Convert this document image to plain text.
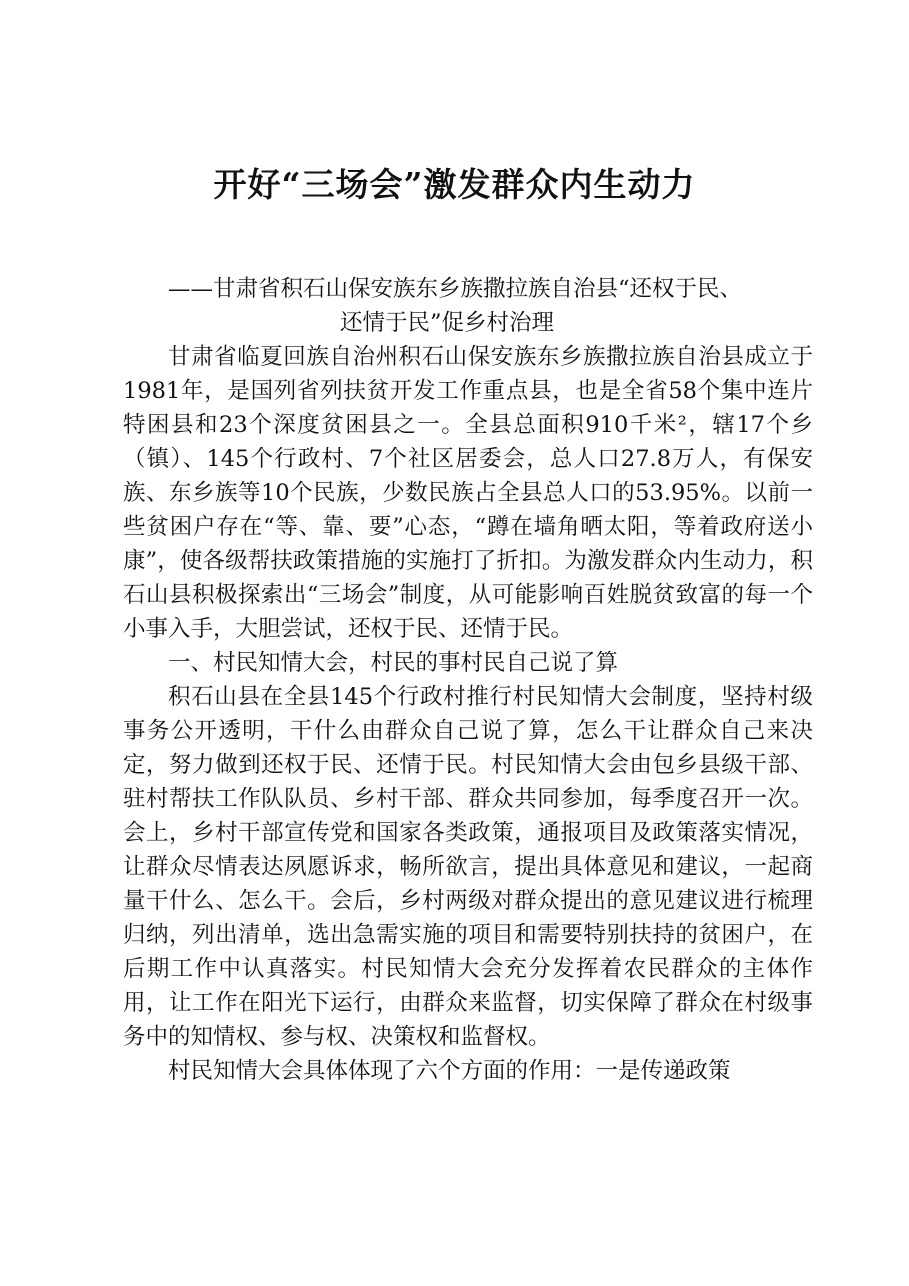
开好“三场会”激发群众内生动力

——甘肃省积石山保安族东乡族撒拉族自治县“还权于民、
还情于民”促乡村治理

甘肃省临夏回族自治州积石山保安族东乡族撒拉族自治县成立于1981年，是国列省列扶贫开发工作重点县，也是全省58个集中连片特困县和23个深度贫困县之一。全县总面积910千米²，辖17个乡（镇）、145个行政村、7个社区居委会，总人口27.8万人，有保安族、东乡族等10个民族，少数民族占全县总人口的53.95%。以前一些贫困户存在“等、靠、要”心态，“蹲在墙角晒太阳，等着政府送小康”，使各级帮扶政策措施的实施打了折扣。为激发群众内生动力，积石山县积极探索出“三场会”制度，从可能影响百姓脱贫致富的每一个小事入手，大胆尝试，还权于民、还情于民。

一、村民知情大会，村民的事村民自己说了算

积石山县在全县145个行政村推行村民知情大会制度，坚持村级事务公开透明，干什么由群众自己说了算，怎么干让群众自己来决定，努力做到还权于民、还情于民。村民知情大会由包乡县级干部、驻村帮扶工作队队员、乡村干部、群众共同参加，每季度召开一次。会上，乡村干部宣传党和国家各类政策，通报项目及政策落实情况，让群众尽情表达夙愿诉求，畅所欲言，提出具体意见和建议，一起商量干什么、怎么干。会后，乡村两级对群众提出的意见建议进行梳理归纳，列出清单，选出急需实施的项目和需要特别扶持的贫困户，在后期工作中认真落实。村民知情大会充分发挥着农民群众的主体作用，让工作在阳光下运行，由群众来监督，切实保障了群众在村级事务中的知情权、参与权、决策权和监督权。

村民知情大会具体体现了六个方面的作用：一是传递政策
